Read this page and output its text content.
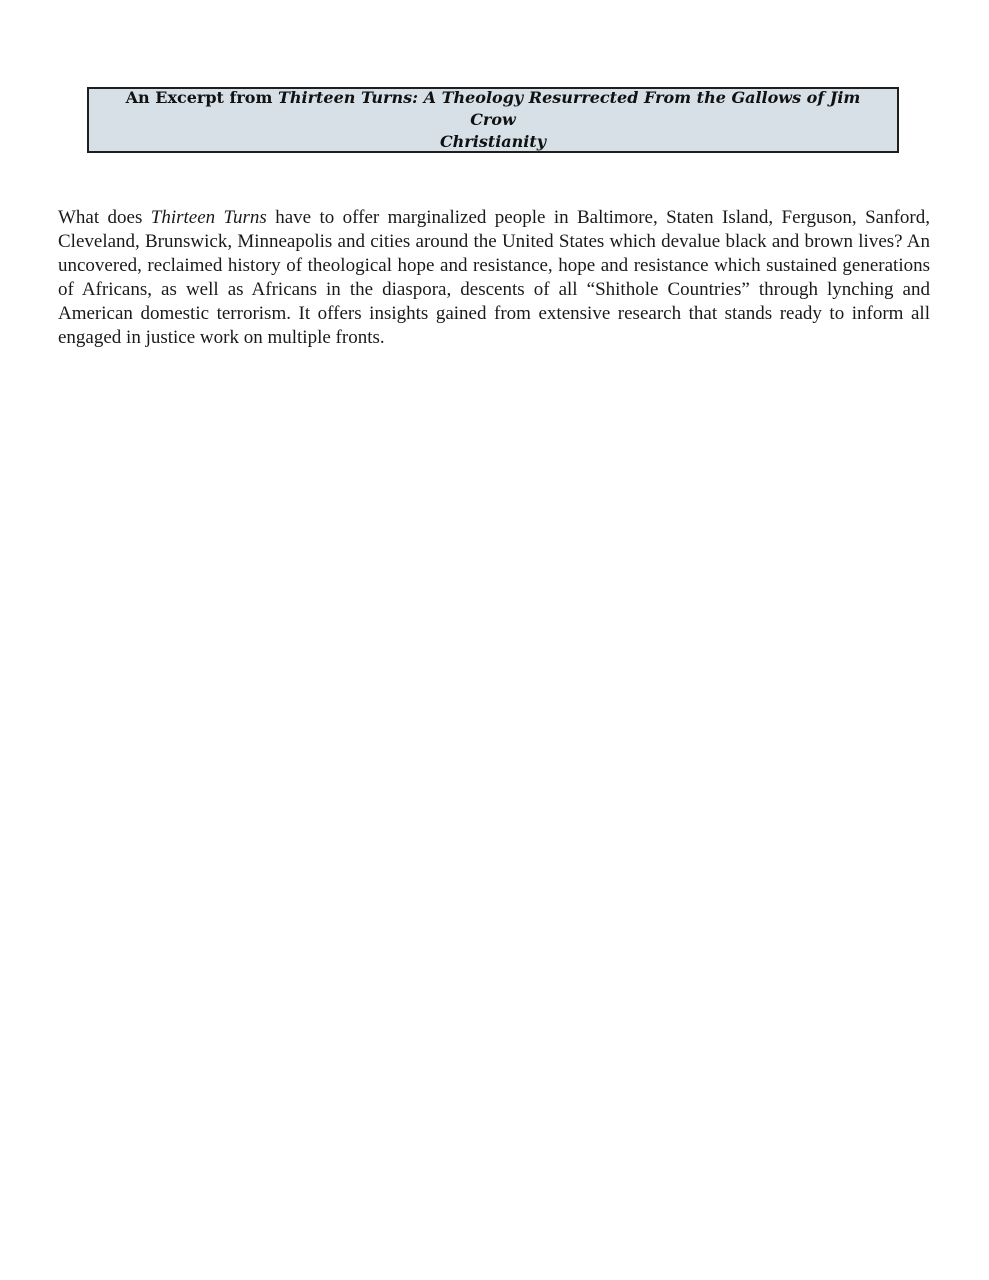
An Excerpt from Thirteen Turns: A Theology Resurrected From the Gallows of Jim Crow
Christianity

What does Thirteen Turns have to offer marginalized people in Baltimore, Staten Island, Ferguson, Sanford, Cleveland, Brunswick, Minneapolis and cities around the United States which devalue black and brown lives? An uncovered, reclaimed history of theological hope and resistance, hope and resistance which sustained generations of Africans, as well as Africans in the diaspora, descents of all “Shithole Countries” through lynching and American domestic terrorism. It offers insights gained from extensive research that stands ready to inform all engaged in justice work on multiple fronts.
